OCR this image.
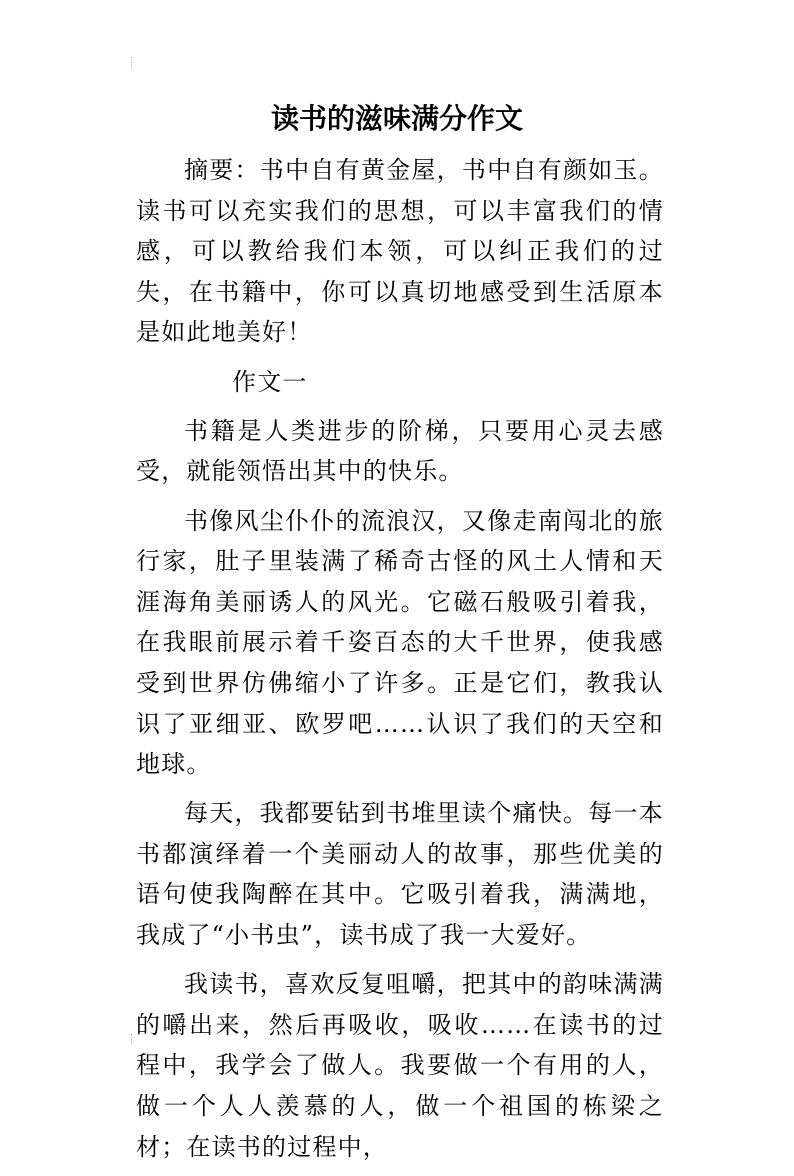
读书的滋味满分作文

摘要：书中自有黄金屋，书中自有颜如玉。读书可以充实我们的思想，可以丰富我们的情感，可以教给我们本领，可以纠正我们的过失，在书籍中，你可以真切地感受到生活原本是如此地美好！

作文一

书籍是人类进步的阶梯，只要用心灵去感受，就能领悟出其中的快乐。

书像风尘仆仆的流浪汉，又像走南闯北的旅行家，肚子里装满了稀奇古怪的风土人情和天涯海角美丽诱人的风光。它磁石般吸引着我，在我眼前展示着千姿百态的大千世界，使我感受到世界仿佛缩小了许多。正是它们，教我认识了亚细亚、欧罗吧……认识了我们的天空和地球。

每天，我都要钻到书堆里读个痛快。每一本书都演绎着一个美丽动人的故事，那些优美的语句使我陶醉在其中。它吸引着我，满满地，我成了“小书虫”，读书成了我一大爱好。

我读书，喜欢反复咀嚼，把其中的韵味满满的嚼出来，然后再吸收，吸收……在读书的过程中，我学会了做人。我要做一个有用的人，做一个人人羡慕的人，做一个祖国的栋梁之材；在读书的过程中，
